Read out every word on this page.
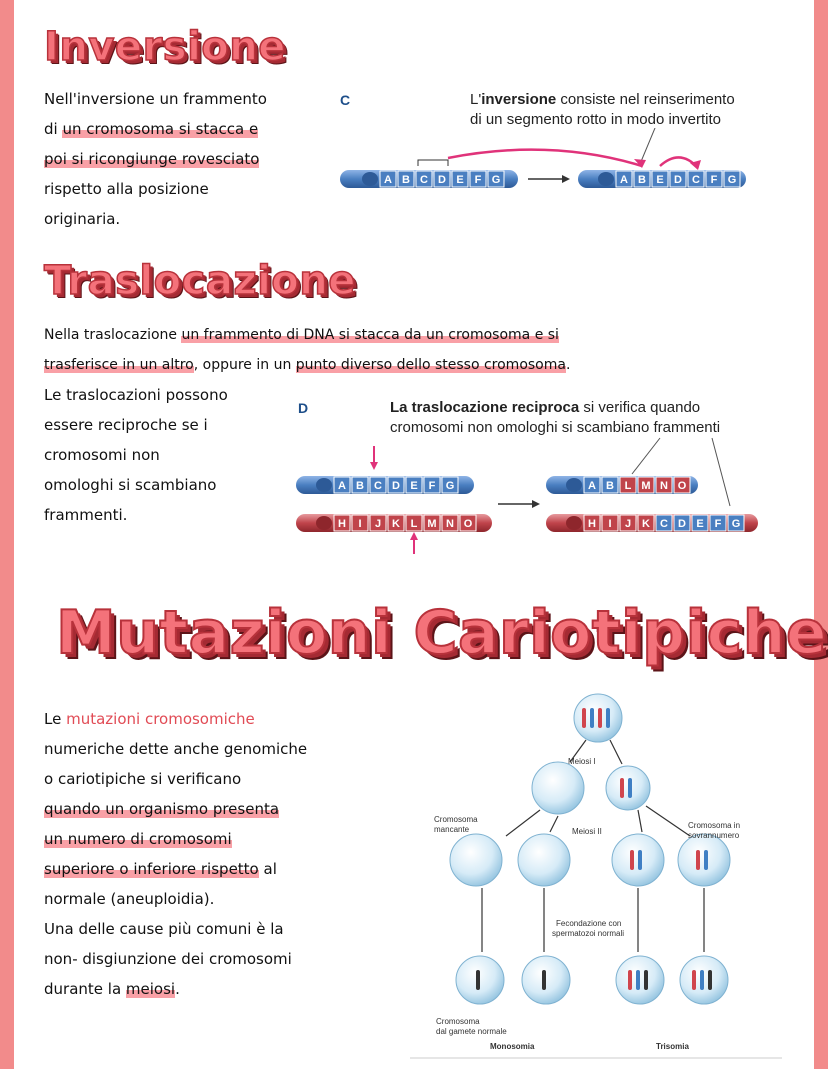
Inversione

Nell'inversione un frammento

di un cromosoma si stacca e

poi si ricongiunge rovesciato

rispetto alla posizione

originaria.

C	L'inversione consiste nel reinserimento
di un segmento rotto in modo invertito
A B C D E F G	A B E D C F G
Traslocazione

Nella traslocazione un frammento di DNA si stacca da un cromosoma e si

trasferisce in un altro, oppure in un punto diverso dello stesso cromosoma.

Le traslocazioni possono

essere reciproche se i

cromosomi non

omologhi si scambiano

frammenti.

D	La traslocazione reciproca si verifica quando
cromosomi non omologhi si scambiano frammenti
A B C D E F G
H I J K L M N O
A B L M N O
H I J K C D E F G
Mutazioni Cariotipiche

Le mutazioni cromosomiche

numeriche dette anche genomiche

o cariotipiche si verificano

quando un organismo presenta

un numero di cromosomi

superiore o inferiore rispetto al

normale (aneuploidia).

Una delle cause più comuni è la

non- disgiunzione dei cromosomi

durante la meiosi.

Meiosi I
Meiosi II
Cromosoma
mancante	Cromosoma in
sovrannumero
Fecondazione con
spermatozoi normali
Cromosoma
dal gamete normale
Monosomia	Trisomia
